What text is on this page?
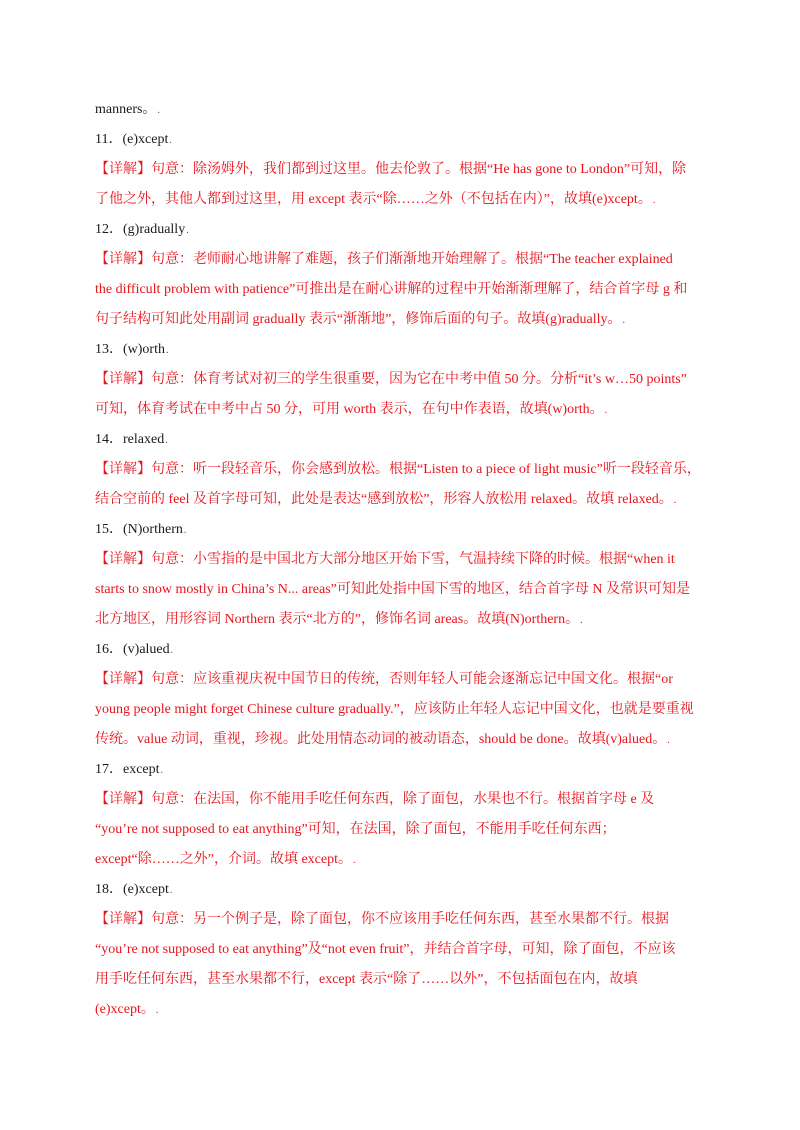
manners。.
11．(e)xcept.
【详解】句意：除汤姆外，我们都到过这里。他去伦敦了。根据“He has gone to London”可知，除
了他之外，其他人都到过这里，用 except 表示“除……之外（不包括在内）”，故填(e)xcept。.
12．(g)radually.
【详解】句意：老师耐心地讲解了难题，孩子们渐渐地开始理解了。根据“The teacher explained
the difficult problem with patience”可推出是在耐心讲解的过程中开始渐渐理解了，结合首字母 g 和
句子结构可知此处用副词 gradually 表示“渐渐地”，修饰后面的句子。故填(g)radually。.
13．(w)orth.
【详解】句意：体育考试对初三的学生很重要，因为它在中考中值 50 分。分析“it’s w…50 points”
可知，体育考试在中考中占 50 分，可用 worth 表示，在句中作表语，故填(w)orth。.
14．relaxed.
【详解】句意：听一段轻音乐，你会感到放松。根据“Listen to a piece of light music”听一段轻音乐，
结合空前的 feel 及首字母可知，此处是表达“感到放松”，形容人放松用 relaxed。故填 relaxed。.
15．(N)orthern.
【详解】句意：小雪指的是中国北方大部分地区开始下雪，气温持续下降的时候。根据“when it
starts to snow mostly in China’s N... areas”可知此处指中国下雪的地区，结合首字母 N 及常识可知是
北方地区，用形容词 Northern 表示“北方的”，修饰名词 areas。故填(N)orthern。.
16．(v)alued.
【详解】句意：应该重视庆祝中国节日的传统，否则年轻人可能会逐渐忘记中国文化。根据“or
young people might forget Chinese culture gradually.”，应该防止年轻人忘记中国文化，也就是要重视
传统。value 动词，重视，珍视。此处用情态动词的被动语态，should be done。故填(v)alued。.
17．except.
【详解】句意：在法国，你不能用手吃任何东西，除了面包，水果也不行。根据首字母 e 及
“you’re not supposed to eat anything”可知，在法国，除了面包，不能用手吃任何东西；
except“除……之外”，介词。故填 except。.
18．(e)xcept.
【详解】句意：另一个例子是，除了面包，你不应该用手吃任何东西，甚至水果都不行。根据
“you’re not supposed to eat anything”及“not even fruit”，并结合首字母，可知，除了面包，不应该
用手吃任何东西，甚至水果都不行，except 表示“除了……以外”，不包括面包在内，故填
(e)xcept。.
